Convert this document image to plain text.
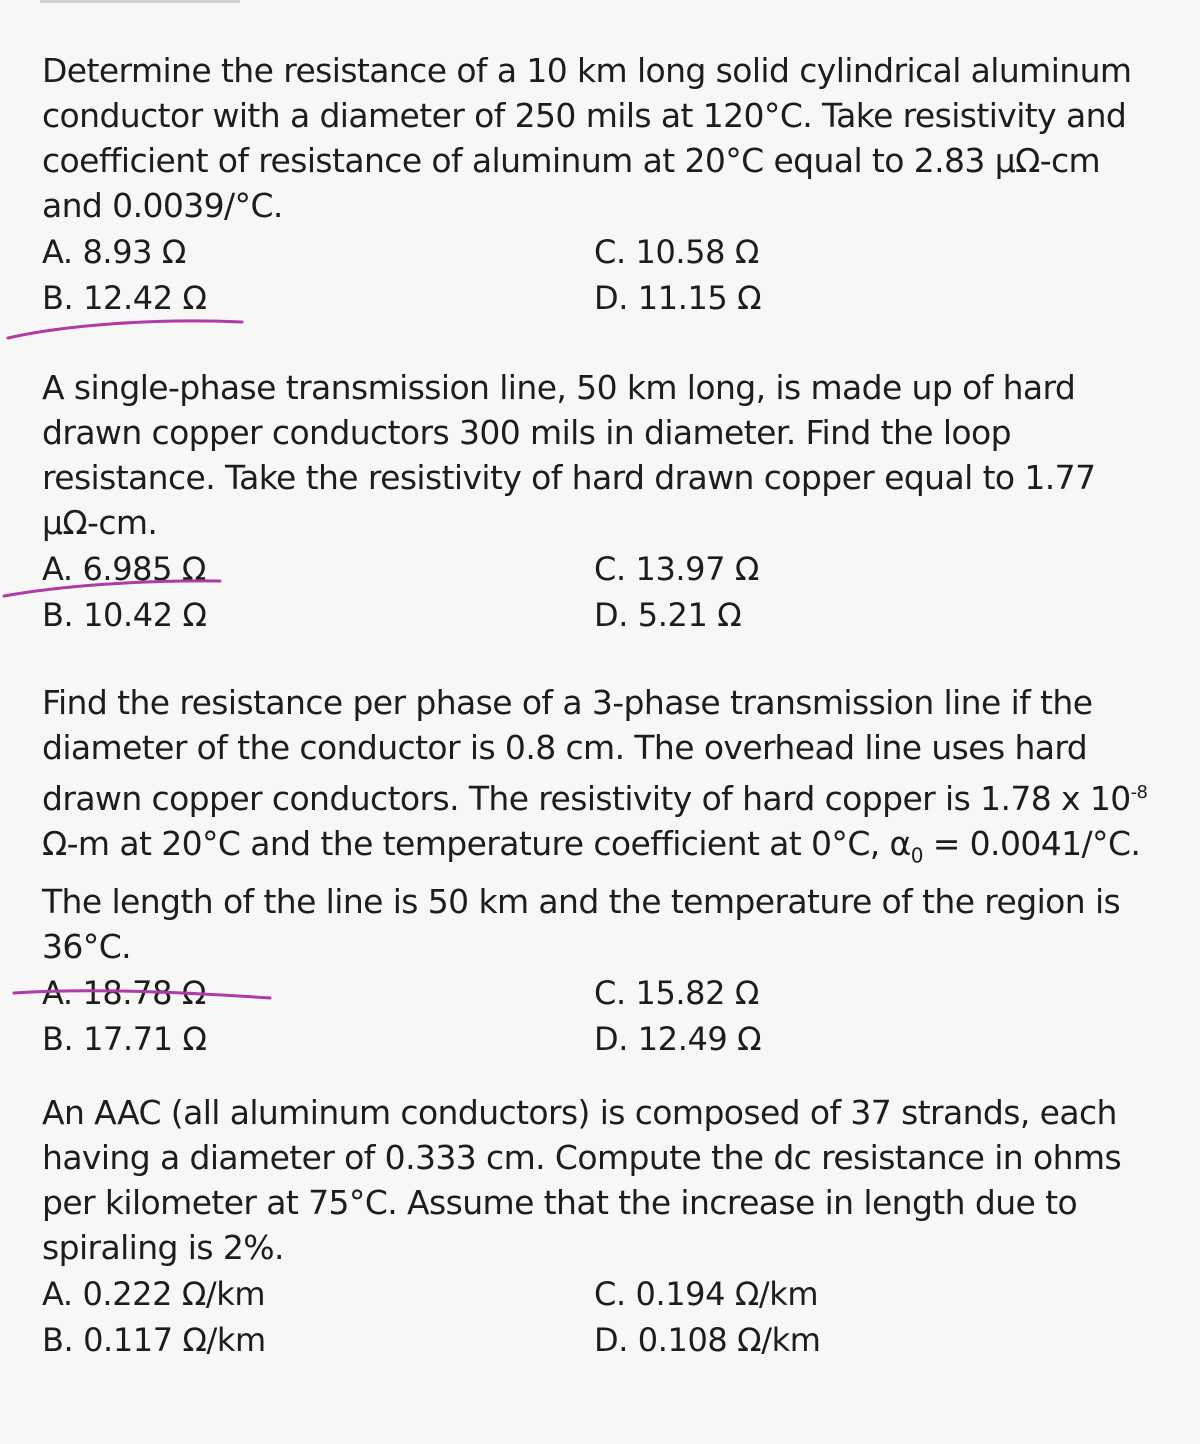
Determine the resistance of a 10 km long solid cylindrical aluminum conductor with a diameter of 250 mils at 120°C. Take resistivity and coefficient of resistance of aluminum at 20°C equal to 2.83 μΩ-cm and 0.0039/°C.

A. 8.93 Ω
B. 12.42 Ω
C. 10.58 Ω
D. 11.15 Ω

A single-phase transmission line, 50 km long, is made up of hard drawn copper conductors 300 mils in diameter. Find the loop resistance. Take the resistivity of hard drawn copper equal to 1.77 μΩ-cm.

A. 6.985 Ω
B. 10.42 Ω
C. 13.97 Ω
D. 5.21 Ω

Find the resistance per phase of a 3-phase transmission line if the diameter of the conductor is 0.8 cm. The overhead line uses hard drawn copper conductors. The resistivity of hard copper is 1.78 x $10^{-8}$ Ω-m at 20°C and the temperature coefficient at 0°C, $\alpha_0 = 0.0041/^\circ C$. The length of the line is 50 km and the temperature of the region is 36°C.

A. 18.78 Ω
B. 17.71 Ω
C. 15.82 Ω
D. 12.49 Ω

An AAC (all aluminum conductors) is composed of 37 strands, each having a diameter of 0.333 cm. Compute the dc resistance in ohms per kilometer at 75°C. Assume that the increase in length due to spiraling is 2%.

A. 0.222 Ω/km
B. 0.117 Ω/km
C. 0.194 Ω/km
D. 0.108 Ω/km
